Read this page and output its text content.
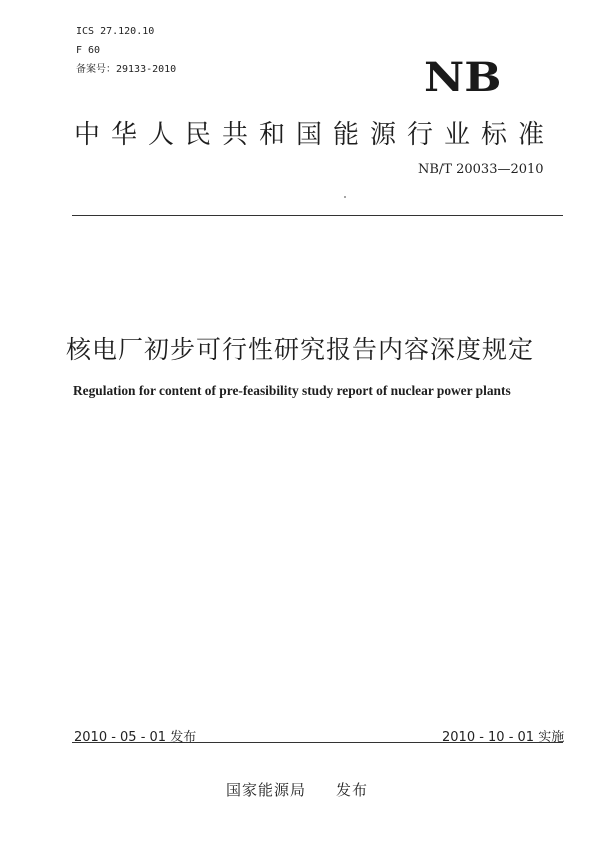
ICS 27.120.10
F 60
备案号：29133-2010	NB
中华人民共和国能源行业标准
NB/T 20033—2010
核电厂初步可行性研究报告内容深度规定
Regulation for content of pre-feasibility study report of nuclear power plants
2010 - 05 - 01 发布	2010 - 10 - 01 实施
国家能源局 发布
